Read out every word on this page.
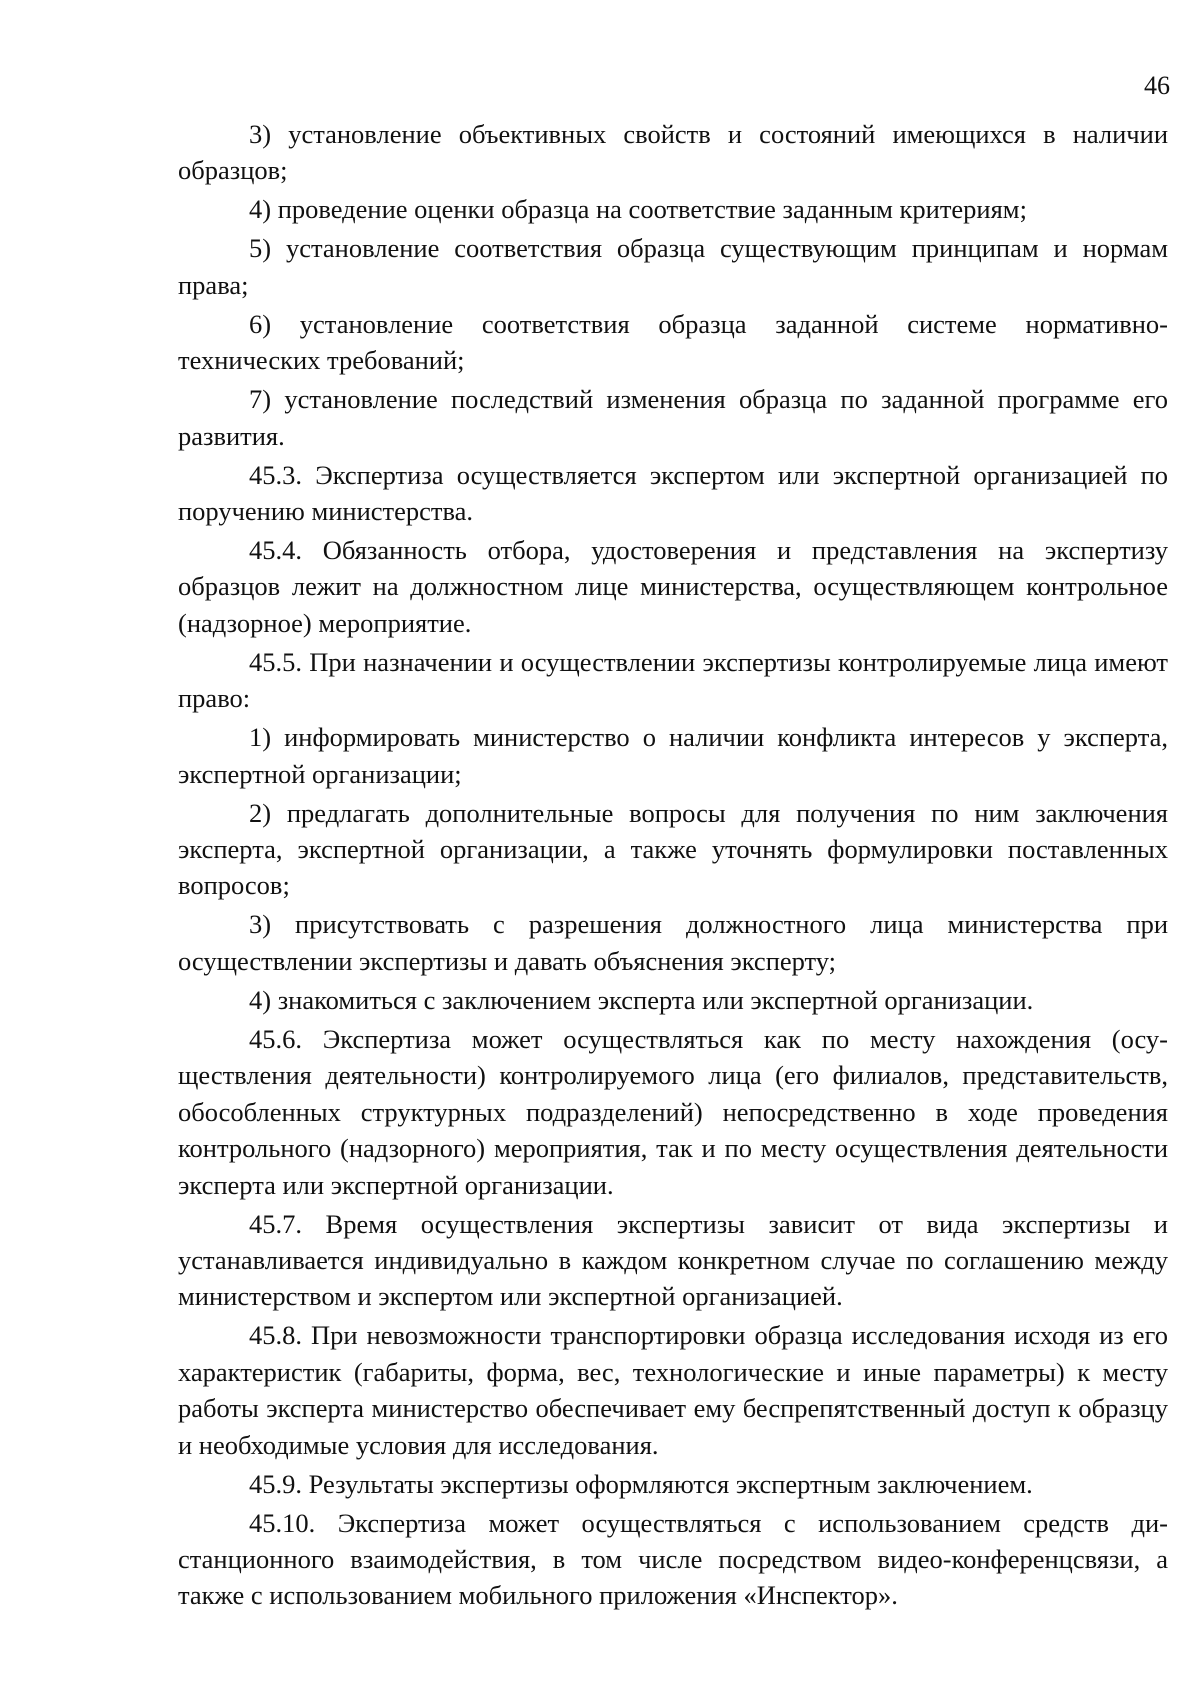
46

3) установление объективных свойств и состояний имеющихся в наличии образцов;

4) проведение оценки образца на соответствие заданным критериям;

5) установление соответствия образца существующим принципам и нормам права;

6) установление соответствия образца заданной системе нормативно-технических требований;

7) установление последствий изменения образца по заданной программе его развития.

45.3. Экспертиза осуществляется экспертом или экспертной организацией по поручению министерства.

45.4. Обязанность отбора, удостоверения и представления на экспертизу образцов лежит на должностном лице министерства, осуществляющем контрольное (надзорное) мероприятие.

45.5. При назначении и осуществлении экспертизы контролируемые лица имеют право:

1) информировать министерство о наличии конфликта интересов у эксперта, экспертной организации;

2) предлагать дополнительные вопросы для получения по ним заключения эксперта, экспертной организации, а также уточнять формулировки поставленных вопросов;

3) присутствовать с разрешения должностного лица министерства при осуществлении экспертизы и давать объяснения эксперту;

4) знакомиться с заключением эксперта или экспертной организации.

45.6. Экспертиза может осуществляться как по месту нахождения (осуществления деятельности) контролируемого лица (его филиалов, представительств, обособленных структурных подразделений) непосредственно в ходе проведения контрольного (надзорного) мероприятия, так и по месту осуществления деятельности эксперта или экспертной организации.

45.7. Время осуществления экспертизы зависит от вида экспертизы и устанавливается индивидуально в каждом конкретном случае по соглашению между министерством и экспертом или экспертной организацией.

45.8. При невозможности транспортировки образца исследования исходя из его характеристик (габариты, форма, вес, технологические и иные параметры) к месту работы эксперта министерство обеспечивает ему беспрепятственный доступ к образцу и необходимые условия для исследования.

45.9. Результаты экспертизы оформляются экспертным заключением.

45.10. Экспертиза может осуществляться с использованием средств дистанционного взаимодействия, в том числе посредством видео-конференцсвязи, а также с использованием мобильного приложения «Инспектор».
